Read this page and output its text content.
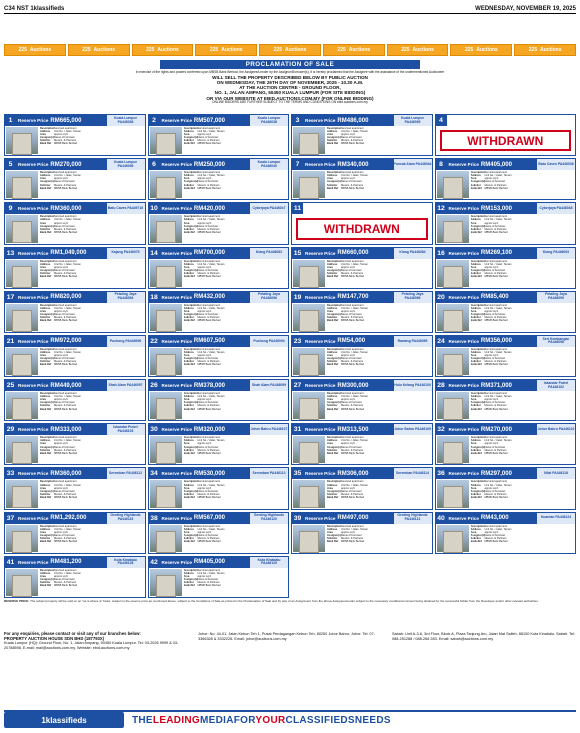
C34 NST 1klassifieds	WEDNESDAY, NOVEMBER 19, 2025
225 Auctions	225 Auctions	225 Auctions	225 Auctions	225 Auctions	225 Auctions	225 Auctions	225 Auctions	225 Auctions
PROCLAMATION OF SALE
In exercise of the rights and powers conferred upon MBSB Bank Berhad, the Assignee/Lender by the Assignor/Borrower(s), it is hereby proclaimed that the Assignee with the assistance of the undermentioned Auctioneer
WILL SELL THE PROPERTY DESCRIBED BELOW BY PUBLIC AUCTION
ON WEDNESDAY, THE 26TH DAY OF NOVEMBER, 2025 - 10.30 A.M.
AT THE AUCTION CENTRE - GROUND FLOOR,
NO. 1, JALAN AMPANG, 50450 KUALA LUMPUR (FOR SITE BIDDING)
OR VIA OUR WEBSITE AT EBID.AUCTIONS.COM.MY (FOR ONLINE BIDDING)
ONLINE BIDDERS ARE FURTHER SUBJECT TO THE TERMS AND CONDITIONS ON ebid.auctions.com.my
1	Reserve Price RM665,000	Kuala Lumpur PA446036
Description Serviced apartment
Address	Unit No. / Jalan, Taman
Area	approx sq.ft.
Assignor(s) Name of borrower
Solicitor	Messrs. & Partners
Bank Ref	MBSB Bank Berhad
2	Reserve Price RM507,000	Kuala Lumpur PA446038
Description Serviced apartment
Address	Unit No. / Jalan, Taman
Area	approx sq.ft.
Assignor(s) Name of borrower
Solicitor	Messrs. & Partners
Bank Ref	MBSB Bank Berhad
3	Reserve Price RM486,000	Kuala Lumpur PA446039
Description Serviced apartment
Address	Unit No. / Jalan, Taman
Area	approx sq.ft.
Assignor(s) Name of borrower
Solicitor	Messrs. & Partners
Bank Ref	MBSB Bank Berhad
4
WITHDRAWN
5	Reserve Price RM270,000	Kuala Lumpur PA446036
Description Serviced apartment
Address	Unit No. / Jalan, Taman
Area	approx sq.ft.
Assignor(s) Name of borrower
Solicitor	Messrs. & Partners
Bank Ref	MBSB Bank Berhad
6	Reserve Price RM250,000	Kuala Lumpur PA446040
Description Serviced apartment
Address	Unit No. / Jalan, Taman
Area	approx sq.ft.
Assignor(s) Name of borrower
Solicitor	Messrs. & Partners
Bank Ref	MBSB Bank Berhad
7	Reserve Price RM340,000	Puncak Alam PA446044
Description Serviced apartment
Address	Unit No. / Jalan, Taman
Area	approx sq.ft.
Assignor(s) Name of borrower
Solicitor	Messrs. & Partners
Bank Ref	MBSB Bank Berhad
8	Reserve Price RM405,000	Batu Caves PA446036
Description Serviced apartment
Address	Unit No. / Jalan, Taman
Area	approx sq.ft.
Assignor(s) Name of borrower
Solicitor	Messrs. & Partners
Bank Ref	MBSB Bank Berhad
9	Reserve Price RM360,000	Batu Caves PA449716
Description Serviced apartment
Address	Unit No. / Jalan, Taman
Area	approx sq.ft.
Assignor(s) Name of borrower
Solicitor	Messrs. & Partners
Bank Ref	MBSB Bank Berhad
10 Reserve Price RM420,000	Cyberjaya PA446047
Description Serviced apartment
Address	Unit No. / Jalan, Taman
Area	approx sq.ft.
Assignor(s) Name of borrower
Solicitor	Messrs. & Partners
Bank Ref	MBSB Bank Berhad
11
WITHDRAWN
12 Reserve Price RM153,000	Cyberjaya PA446048
Description Serviced apartment
Address	Unit No. / Jalan, Taman
Area	approx sq.ft.
Assignor(s) Name of borrower
Solicitor	Messrs. & Partners
Bank Ref	MBSB Bank Berhad
13 Reserve Price RM1,049,000	Kajang PA446075
Description Serviced apartment
Address	Unit No. / Jalan, Taman
Area	approx sq.ft.
Assignor(s) Name of borrower
Solicitor	Messrs. & Partners
Bank Ref	MBSB Bank Berhad
14 Reserve Price RM700,000	Klang PA446083
Description Serviced apartment
Address	Unit No. / Jalan, Taman
Area	approx sq.ft.
Assignor(s) Name of borrower
Solicitor	Messrs. & Partners
Bank Ref	MBSB Bank Berhad
15 Reserve Price RM660,000	Klang PA446084
Description Serviced apartment
Address	Unit No. / Jalan, Taman
Area	approx sq.ft.
Assignor(s) Name of borrower
Solicitor	Messrs. & Partners
Bank Ref	MBSB Bank Berhad
16 Reserve Price RM269,100	Klang PA446093
Description Serviced apartment
Address	Unit No. / Jalan, Taman
Area	approx sq.ft.
Assignor(s) Name of borrower
Solicitor	Messrs. & Partners
Bank Ref	MBSB Bank Berhad
17 Reserve Price RM820,000	Petaling Jaya PA446094
Description Serviced apartment
Address	Unit No. / Jalan, Taman
Area	approx sq.ft.
Assignor(s) Name of borrower
Solicitor	Messrs. & Partners
Bank Ref	MBSB Bank Berhad
18 Reserve Price RM432,000	Petaling Jaya PA446096
Description Serviced apartment
Address	Unit No. / Jalan, Taman
Area	approx sq.ft.
Assignor(s) Name of borrower
Solicitor	Messrs. & Partners
Bank Ref	MBSB Bank Berhad
19 Reserve Price RM147,700	Petaling Jaya PA446096
Description Serviced apartment
Address	Unit No. / Jalan, Taman
Area	approx sq.ft.
Assignor(s) Name of borrower
Solicitor	Messrs. & Partners
Bank Ref	MBSB Bank Berhad
20 Reserve Price RM85,400	Petaling Jaya PA446099
Description Serviced apartment
Address	Unit No. / Jalan, Taman
Area	approx sq.ft.
Assignor(s) Name of borrower
Solicitor	Messrs. & Partners
Bank Ref	MBSB Bank Berhad
21 Reserve Price RM972,000	Puchong PA446098
Description Serviced apartment
Address	Unit No. / Jalan, Taman
Area	approx sq.ft.
Assignor(s) Name of borrower
Solicitor	Messrs. & Partners
Bank Ref	MBSB Bank Berhad
22 Reserve Price RM607,500	Puchong PA446094
Description Serviced apartment
Address	Unit No. / Jalan, Taman
Area	approx sq.ft.
Assignor(s) Name of borrower
Solicitor	Messrs. & Partners
Bank Ref	MBSB Bank Berhad
23 Reserve Price RM54,000	Rawang PA446095
Description Serviced apartment
Address	Unit No. / Jalan, Taman
Area	approx sq.ft.
Assignor(s) Name of borrower
Solicitor	Messrs. & Partners
Bank Ref	MBSB Bank Berhad
24 Reserve Price RM356,000	Seri Kembangan PA446096
Description Serviced apartment
Address	Unit No. / Jalan, Taman
Area	approx sq.ft.
Assignor(s) Name of borrower
Solicitor	Messrs. & Partners
Bank Ref	MBSB Bank Berhad
25 Reserve Price RM449,000	Shah Alam PA446097
Description Serviced apartment
Address	Unit No. / Jalan, Taman
Area	approx sq.ft.
Assignor(s) Name of borrower
Solicitor	Messrs. & Partners
Bank Ref	MBSB Bank Berhad
26 Reserve Price RM378,000	Shah Alam PA446099
Description Serviced apartment
Address	Unit No. / Jalan, Taman
Area	approx sq.ft.
Assignor(s) Name of borrower
Solicitor	Messrs. & Partners
Bank Ref	MBSB Bank Berhad
27 Reserve Price RM300,000	Hulu Kelang PA446100
Description Serviced apartment
Address	Unit No. / Jalan, Taman
Area	approx sq.ft.
Assignor(s) Name of borrower
Solicitor	Messrs. & Partners
Bank Ref	MBSB Bank Berhad
28 Reserve Price RM371,000	Iskandar Puteri PA446102
Description Serviced apartment
Address	Unit No. / Jalan, Taman
Area	approx sq.ft.
Assignor(s) Name of borrower
Solicitor	Messrs. & Partners
Bank Ref	MBSB Bank Berhad
29 Reserve Price RM333,000	Iskandar Puteri PA446103
Description Serviced apartment
Address	Unit No. / Jalan, Taman
Area	approx sq.ft.
Assignor(s) Name of borrower
Solicitor	Messrs. & Partners
Bank Ref	MBSB Bank Berhad
30 Reserve Price RM320,000	Johor Bahru PA446107
Description Serviced apartment
Address	Unit No. / Jalan, Taman
Area	approx sq.ft.
Assignor(s) Name of borrower
Solicitor	Messrs. & Partners
Bank Ref	MBSB Bank Berhad
31 Reserve Price RM313,500	Johor Bahru PA446109
Description Serviced apartment
Address	Unit No. / Jalan, Taman
Area	approx sq.ft.
Assignor(s) Name of borrower
Solicitor	Messrs. & Partners
Bank Ref	MBSB Bank Berhad
32 Reserve Price RM270,000	Johor Bahru PA446110
Description Serviced apartment
Address	Unit No. / Jalan, Taman
Area	approx sq.ft.
Assignor(s) Name of borrower
Solicitor	Messrs. & Partners
Bank Ref	MBSB Bank Berhad
33 Reserve Price RM360,000	Seremban PA446112
Description Serviced apartment
Address	Unit No. / Jalan, Taman
Area	approx sq.ft.
Assignor(s) Name of borrower
Solicitor	Messrs. & Partners
Bank Ref	MBSB Bank Berhad
34 Reserve Price RM530,000	Seremban PA446113
Description Serviced apartment
Address	Unit No. / Jalan, Taman
Area	approx sq.ft.
Assignor(s) Name of borrower
Solicitor	Messrs. & Partners
Bank Ref	MBSB Bank Berhad
35 Reserve Price RM306,000	Seremban PA446114
Description Serviced apartment
Address	Unit No. / Jalan, Taman
Area	approx sq.ft.
Assignor(s) Name of borrower
Solicitor	Messrs. & Partners
Bank Ref	MBSB Bank Berhad
36 Reserve Price RM297,000	Nilai PA446118
Description Serviced apartment
Address	Unit No. / Jalan, Taman
Area	approx sq.ft.
Assignor(s) Name of borrower
Solicitor	Messrs. & Partners
Bank Ref	MBSB Bank Berhad
37 Reserve Price RM1,292,000	Genting Highlands PA446119
Description Serviced apartment
Address	Unit No. / Jalan, Taman
Area	approx sq.ft.
Assignor(s) Name of borrower
Solicitor	Messrs. & Partners
Bank Ref	MBSB Bank Berhad
38 Reserve Price RM567,000	Genting Highlands PA446120
Description Serviced apartment
Address	Unit No. / Jalan, Taman
Area	approx sq.ft.
Assignor(s) Name of borrower
Solicitor	Messrs. & Partners
Bank Ref	MBSB Bank Berhad
39 Reserve Price RM497,000	Genting Highlands PA446121
Description Serviced apartment
Address	Unit No. / Jalan, Taman
Area	approx sq.ft.
Assignor(s) Name of borrower
Solicitor	Messrs. & Partners
Bank Ref	MBSB Bank Berhad
40 Reserve Price RM43,000	Kuantan PA446124
Description Serviced apartment
Address	Unit No. / Jalan, Taman
Area	approx sq.ft.
Assignor(s) Name of borrower
Solicitor	Messrs. & Partners
Bank Ref	MBSB Bank Berhad
41 Reserve Price RM481,200	Kota Kinabalu PA446128
Description Serviced apartment
Address	Unit No. / Jalan, Taman
Area	approx sq.ft.
Assignor(s) Name of borrower
Solicitor	Messrs. & Partners
Bank Ref	MBSB Bank Berhad
42 Reserve Price RM405,000	Kota Kinabalu PA446129
Description Serviced apartment
Address	Unit No. / Jalan, Taman
Area	approx sq.ft.
Assignor(s) Name of borrower
Solicitor	Messrs. & Partners
Bank Ref	MBSB Bank Berhad
RESERVE PRICE: The subject property will be sold on an "as is where is" basis, subject to the reserve price as mentioned above, subject to the Conditions of Sale as printed in the Proclamation of Sale and by way of an Assignment from the above Assignee/Lender subject to the necessary conditional consent being obtained by the successful bidder from the Developer and/or other relevant authorities.
For any enquiries, please contact or visit any of our branches below:
PROPERTY AUCTION HOUSE SDN BHD (187793X)
Kuala Lumpur (HQ): Ground Floor, No. 1, Jalan Ampang, 50450 Kuala Lumpur. Tel: 03-2026 9999 & 03-20788598. E-mail: mail@auctions.com.my. Website: ebid.auctions.com.my
Johor: No. 44-01, Jalan Kebun Teh 1, Pusat Perdagangan Kebun Teh, 80250 Johor Bahru, Johor. Tel: 07-3366328 & 3332226. Email: johor@auctions.com.my
Sabah: Unit A-3-6, 3rd Floor, Block A, Plaza Tanjung Aru, Jalan Mat Salleh, 88100 Kota Kinabalu, Sabah. Tel: 088-251288 / 088-266 283. Email: sabah@auctions.com.my
1klassifieds	THELEADINGMEDIAFORYOURCLASSIFIEDSNEEDS
